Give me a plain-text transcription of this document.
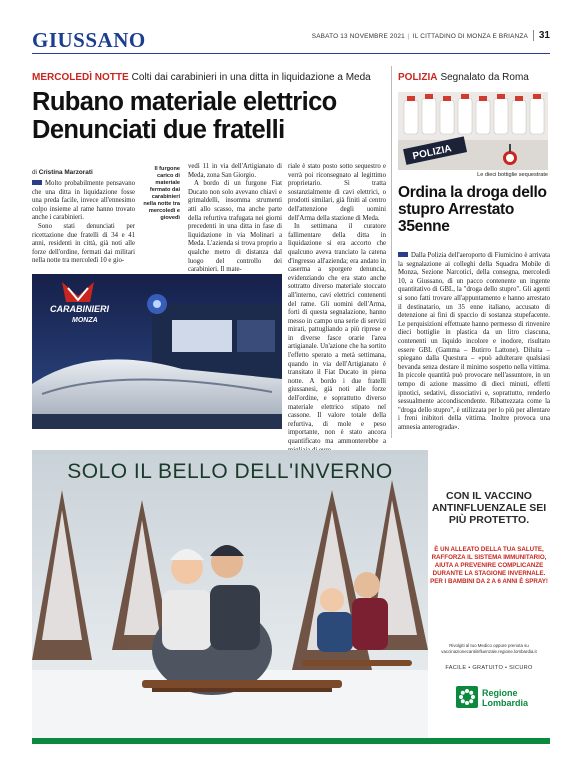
GIUSSANO	SABATO 13 NOVEMBRE 2021 | IL CITTADINO DI MONZA E BRIANZA 31
MERCOLEDÌ NOTTE Colti dai carabinieri in una ditta in liquidazione a Meda
Rubano materiale elettrico
Denunciati due fratelli
di Cristina Marzorati

Molto probabilmente pensavano che una ditta in liquidazione fosse una preda facile, invece all'ennesimo colpo insieme al rame hanno trovato anche i carabinieri.

Sono stati denunciati per ricettazione due fratelli di 34 e 41 anni, residenti in città, già noti alle forze dell'ordine, fermati dai militari nella notte tra mercoledì 10 e gio-

Il furgone carico di materiale fermato dai carabinieri nella notte tra mercoledì e giovedì

vedì 11 in via dell'Artigianato di Meda, zona San Giorgio.

A bordo di un furgone Fiat Ducato non solo avevano chiavi e grimaldelli, insomma strumenti atti allo scasso, ma anche parte della refurtiva trafugata nei giorni precedenti in una ditta in fase di liquidazione in via Molinari a Meda. L'azienda si trova proprio a qualche metro di distanza dal luogo del controllo dei carabinieri. Il mate-

CARABINIERI
MONZA

riale è stato posto sotto sequestro e verrà poi riconsegnato al legittimo proprietario. Si tratta sostanzialmente di cavi elettrici, o prodotti similari, già finiti al centro dell'attenzione degli uomini dell'Arma della stazione di Meda.

In settimana il curatore fallimentare della ditta in liquidazione si era accorto che qualcuno aveva tranciato la catena d'ingresso all'azienda; era andato in caserma a sporgere denuncia, evidenziando che era stato anche sottratto diverso materiale stoccato all'interno, cavi elettrici contenenti del rame. Gli uomini dell'Arma, forti di questa segnalazione, hanno messo in campo una serie di servizi mirati, pattugliando a più riprese e in diverse fasce orarie l'area artigianale. Un'azione che ha sortito l'effetto sperato a metà settimana, quando in via dell'Artigianato è transitato il Fiat Ducato in piena notte. A bordo i due fratelli giussanesi, già noti alle forze dell'ordine, e soprattutto diverso materiale elettrico stipato nel cassone. Il valore totale della refurtiva, di mole e peso importante, non è stato ancora quantificato ma ammonterebbe a

POLIZIA Segnalato da Roma
POLIZIA
Le dieci bottiglie sequestrate
Ordina la droga dello stupro Arrestato 35enne

Dalla Polizia dell'aeroporto di Fiumicino è arrivata la segnalazione ai colleghi della Squadra Mobile di Monza, Sezione Narcotici, della consegna, mercoledì 10, a Giussano, di un pacco contenente un ingente quantitativo di GBL, la "droga dello stupro". Gli agenti si sono fatti trovare all'appuntamento e hanno arrestato il destinatario, un 35 enne italiano, accusato di detenzione ai fini di spaccio di sostanza stupefacente. Le perquisizioni effettuate hanno permesso di rinvenire dieci bottiglie in plastica da un litro ciascuna, contenenti un liquido incolore e inodore, risultato essere GBL (Gamma – Butirro Lattone). Diluita – spiegano dalla Questura – «può adulterare qualsiasi bevanda senza destare il minimo sospetto nella vittima. In piccole quantità può provocare nell'assuntore, in un tempo di azione massimo di dieci minuti, effetti ipnotici, sedativi, dissociativi e, soprattutto, renderlo sessualmente accondiscendente. Ribattezzata come la "droga dello stupro", è utilizzata per lo più per allentare i freni inibitori della vittima. Inoltre provoca una amnesia anterograda».

SOLO IL BELLO DELL'INVERNO
CON IL VACCINO ANTINFLUENZALE SEI PIÙ PROTETTO.
È UN ALLEATO DELLA TUA SALUTE, RAFFORZA IL SISTEMA IMMUNITARIO, AIUTA A PREVENIRE COMPLICANZE DURANTE LA STAGIONE INVERNALE. PER I BAMBINI DA 2 A 6 ANNI È SPRAY!
Rivolgiti al tuo Medico oppure prenota su vaccinazionecantiinfluenzale.regione.lombardia.it
FACILE • GRATUITO • SICURO
Regione
Lombardia
